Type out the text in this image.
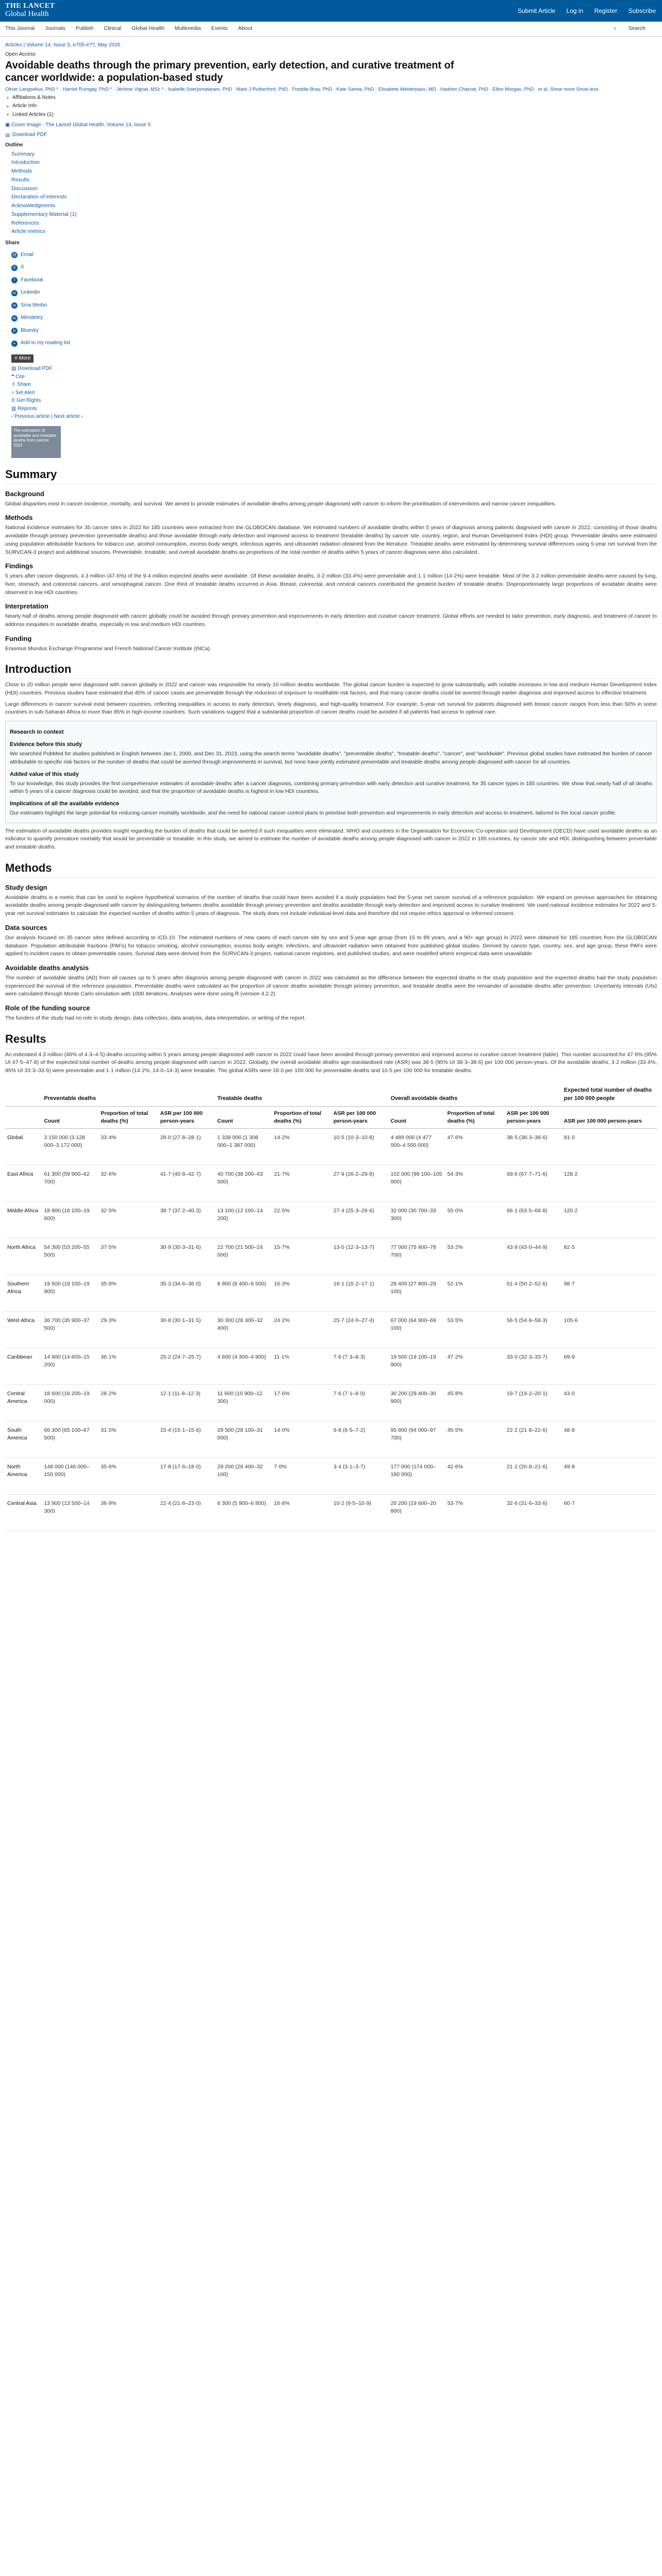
THE LANCET
Global Health	Submit Article Log in Register Subscribe
This Journal Journals Publish Clinical Global Health Multimedia Events About	⌕ Search
Articles | Volume 14, Issue 5, e705-e??, May 2026
Open Access
Avoidable deaths through the primary prevention, early detection, and curative treatment of
cancer worldwide: a population-based study
Oliver Langselius, PhD * · Harriet Rumgay, PhD * · Jérôme Vignat, MSc * · Isabelle Soerjomataram, PhD · Mark J Rutherford, PhD · Freddie Bray, PhD · Kate Sarwa, PhD · Elisabete Weiderpass, MD · Hadrien Charvat, PhD · Ellen Morgan, PhD · et al. Show more Show less
+ Affiliations & Notes
+ Article Info
+ Linked Articles (1)
▣ Cover Image - The Lancet Global Health, Volume 14, Issue 5
▤ Download PDF
Outline
Summary
Introduction
Methods
Results
Discussion
Declaration of interests
Acknowledgments
Supplementary Material (1)
References
Article metrics
Share
@ Email
X X
f	Facebook
in LinkedIn
w Sina Weibo
m Mendeley
b Bluesky
+ Add to my reading list
≡ More
▤ Download PDF
❝ Cite
⇪ Share
♪ Set Alert
© Get Rights
▥ Reprints
‹ Previous article | Next article ›
The estimation of avoidable and treatable deaths from cancer, 2022
Summary
Background

Global disparities exist in cancer incidence, mortality, and survival. We aimed to provide estimates of avoidable deaths among people diagnosed with cancer to inform the prioritisation of interventions and narrow cancer inequalities.

Methods

National incidence estimates for 35 cancer sites in 2022 for 185 countries were extracted from the GLOBOCAN database. We estimated numbers of avoidable deaths within 5 years of diagnosis among patients diagnosed with cancer in 2022, consisting of those deaths avoidable through primary prevention (preventable deaths) and those avoidable through early detection and improved access to treatment (treatable deaths) by cancer site, country, region, and Human Development Index (HDI) group. Preventable deaths were estimated using population attributable fractions for tobacco use, alcohol consumption, excess body weight, infectious agents, and ultraviolet radiation obtained from the literature. Treatable deaths were estimated by determining survival differences using 5-year net survival from the SURVCAN-3 project and additional sources. Preventable, treatable, and overall avoidable deaths as proportions of the total number of deaths within 5 years of cancer diagnosis were also calculated.

Findings

5 years after cancer diagnosis, 4.3 million (47·6%) of the 9·4 million expected deaths were avoidable. Of these avoidable deaths, 3·2 million (33·4%) were preventable and 1·1 million (14·2%) were treatable. Most of the 3·2 million preventable deaths were caused by lung, liver, stomach, and colorectal cancers, and oesophageal cancer. One third of treatable deaths occurred in Asia. Breast, colorectal, and cervical cancers contributed the greatest burden of treatable deaths. Disproportionately large proportions of avoidable deaths were observed in low HDI countries.

Interpretation

Nearly half of deaths among people diagnosed with cancer globally could be avoided through primary prevention and improvements in early detection and curative cancer treatment. Global efforts are needed to tailor prevention, early diagnosis, and treatment of cancer to address inequities in avoidable deaths, especially in low and medium HDI countries.

Funding

Erasmus Mundus Exchange Programme and French National Cancer Institute (INCa).

Introduction

Close to 20 million people were diagnosed with cancer globally in 2022 and cancer was responsible for nearly 10 million deaths worldwide. The global cancer burden is expected to grow substantially, with notable increases in low and medium Human Development Index (HDI) countries. Previous studies have estimated that 40% of cancer cases are preventable through the reduction of exposure to modifiable risk factors, and that many cancer deaths could be averted through earlier diagnosis and improved access to effective treatment.

Large differences in cancer survival exist between countries, reflecting inequalities in access to early detection, timely diagnosis, and high-quality treatment. For example, 5-year net survival for patients diagnosed with breast cancer ranges from less than 50% in some countries in sub-Saharan Africa to more than 85% in high-income countries. Such variations suggest that a substantial proportion of cancer deaths could be avoided if all patients had access to optimal care.

Research in context
Evidence before this study

We searched PubMed for studies published in English between Jan 1, 2000, and Dec 31, 2023, using the search terms "avoidable deaths", "preventable deaths", "treatable deaths", "cancer", and "worldwide". Previous global studies have estimated the burden of cancer attributable to specific risk factors or the number of deaths that could be averted through improvements in survival, but none have jointly estimated preventable and treatable deaths among people diagnosed with cancer for all countries.

Added value of this study

To our knowledge, this study provides the first comprehensive estimates of avoidable deaths after a cancer diagnosis, combining primary prevention with early detection and curative treatment, for 35 cancer types in 185 countries. We show that nearly half of all deaths within 5 years of a cancer diagnosis could be avoided, and that the proportion of avoidable deaths is highest in low HDI countries.

Implications of all the available evidence

Our estimates highlight the large potential for reducing cancer mortality worldwide, and the need for national cancer control plans to prioritise both prevention and improvements in early detection and access to treatment, tailored to the local cancer profile.

The estimation of avoidable deaths provides insight regarding the burden of deaths that could be averted if such inequalities were eliminated. WHO and countries in the Organisation for Economic Co-operation and Development (OECD) have used avoidable deaths as an indicator to quantify premature mortality that would be preventable or treatable. In this study, we aimed to estimate the number of avoidable deaths among people diagnosed with cancer in 2022 in 185 countries, by cancer site and HDI, distinguishing between preventable and treatable deaths.

Methods
Study design

Avoidable deaths is a metric that can be used to explore hypothetical scenarios of the number of deaths that could have been avoided if a study population had the 5-year net cancer survival of a reference population. We expand on previous approaches for obtaining avoidable deaths among people diagnosed with cancer by distinguishing between deaths avoidable through primary prevention and deaths avoidable through early detection and improved access to curative treatment. We used national incidence estimates for 2022 and 5-year net survival estimates to calculate the expected number of deaths within 5 years of diagnosis. The study does not include individual-level data and therefore did not require ethics approval or informed consent.

Data sources

Our analysis focused on 35 cancer sites defined according to ICD-10. The estimated numbers of new cases of each cancer site by sex and 5-year age group (from 15 to 89 years, and a 90+ age group) in 2022 were obtained for 185 countries from the GLOBOCAN database. Population attributable fractions (PAFs) for tobacco smoking, alcohol consumption, excess body weight, infections, and ultraviolet radiation were obtained from published global studies. Derived by cancer type, country, sex, and age group, these PAFs were applied to incident cases to obtain preventable cases. Survival data were derived from the SURVCAN-3 project, national cancer registries, and published studies, and were modelled where empirical data were unavailable.

Avoidable deaths analysis

The number of avoidable deaths (AD) from all causes up to 5 years after diagnosis among people diagnosed with cancer in 2022 was calculated as the difference between the expected deaths in the study population and the expected deaths had the study population experienced the survival of the reference population. Preventable deaths were calculated as the proportion of cancer deaths avoidable through primary prevention, and treatable deaths were the remainder of avoidable deaths after prevention. Uncertainty intervals (UIs) were calculated through Monte Carlo simulation with 1000 iterations. Analyses were done using R (version 4.2.2).

Role of the funding source

The funders of the study had no role in study design, data collection, data analysis, data interpretation, or writing of the report.

Results

An estimated 4.3 million (46% of 4·3–4·5) deaths occurring within 5 years among people diagnosed with cancer in 2022 could have been avoided through primary prevention and improved access to curative cancer treatment (table). This number accounted for 47·6% (95% UI 47·5–47·8) of the expected total number of deaths among people diagnosed with cancer in 2022. Globally, the overall avoidable deaths age-standardised rate (ASR) was 38·5 (95% UI 38·3–38·6) per 100 000 person-years. Of the avoidable deaths, 3·2 million (33·4%, 95% UI 33·3–33·6) were preventable and 1·1 million (14·2%, 14·0–14·3) were treatable. The global ASRs were 28·0 per 100 000 for preventable deaths and 10·5 per 100 000 for treatable deaths.

	Preventable deaths			Treatable deaths			Overall avoidable deaths			Expected total number of deaths per 100 000 people
	Count	Proportion of total deaths (%)	ASR per 100 000 person-years	Count	Proportion of total deaths (%)	ASR per 100 000 person-years	Count	Proportion of total deaths (%)	ASR per 100 000 person-years	ASR per 100 000 person-years
Global	3 150 000 (3 128 000–3 172 000)	33·4%	28·0 (27·8–28·1)	1 339 000 (1 308 000–1 387 000)	14·2%	10·5 (10·3–10·8)	4 489 000 (4 477 000–4 500 000)	47·6%	38·5 (38·3–38·6)	81·0
East Africa	61 300 (59 900–62 700)	32·6%	41·7 (40·8–42·7)	40 700 (38 200–43 500)	21·7%	27·9 (26·2–29·8)	102 000 (99 100–105 000)	54·3%	69·6 (67·7–71·6)	128·2
Middle Africa	18 900 (18 100–19 600)	32·5%	38·7 (37·2–40·3)	13 100 (12 100–14 200)	22·5%	27·4 (25·3–29·6)	32 000 (30 700–33 300)	55·0%	66·1 (63·5–68·8)	120·2
North Africa	54 300 (53 200–55 500)	37·5%	30·9 (30·3–31·6)	22 700 (21 500–24 000)	15·7%	13·0 (12·3–13·7)	77 000 (75 400–78 700)	53·2%	43·9 (43·0–44·9)	82·5
Southern Africa	19 500 (19 100–19 900)	35·8%	35·3 (34·6–36·0)	8 900 (8 400–9 500)	16·3%	16·1 (15·2–17·1)	28 400 (27 800–29 100)	52·1%	51·4 (50·2–52·6)	98·7
West Africa	36 700 (35 900–37 500)	29·3%	30·8 (30·1–31·5)	30 300 (28 300–32 400)	24·2%	25·7 (24·0–27·4)	67 000 (64 900–69 100)	53·5%	56·5 (54·8–58·3)	105·6
Caribbean	14 900 (14 600–15 200)	36·1%	25·2 (24·7–25·7)	4 600 (4 300–4 900)	11·1%	7·8 (7·3–8·3)	19 500 (19 100–19 900)	47·2%	33·0 (32·3–33·7)	69·9
Central America	18 600 (18 200–19 000)	28·2%	12·1 (11·8–12·3)	11 600 (10 900–12 300)	17·6%	7·6 (7·1–8·0)	30 200 (29 400–30 900)	45·8%	19·7 (19·2–20·1)	43·0
South America	66 300 (65 100–67 500)	31·5%	15·4 (15·1–15·6)	29 500 (28 100–31 000)	14·0%	6·8 (6·5–7·2)	95 800 (94 000–97 700)	45·5%	22·2 (21·8–22·6)	48·8
North America	148 000 (146 000–150 000)	35·6%	17·8 (17·6–18·0)	29 200 (26 400–32 100)	7·0%	3·4 (3·1–3·7)	177 000 (174 000–180 000)	42·6%	21·2 (20·8–21·6)	49·8
Central Asia	13 900 (13 500–14 300)	36·9%	22·4 (21·8–23·0)	6 300 (5 900–6 800)	16·8%	10·2 (9·5–10·9)	20 200 (19 600–20 800)	53·7%	32·6 (31·6–33·6)	60·7
